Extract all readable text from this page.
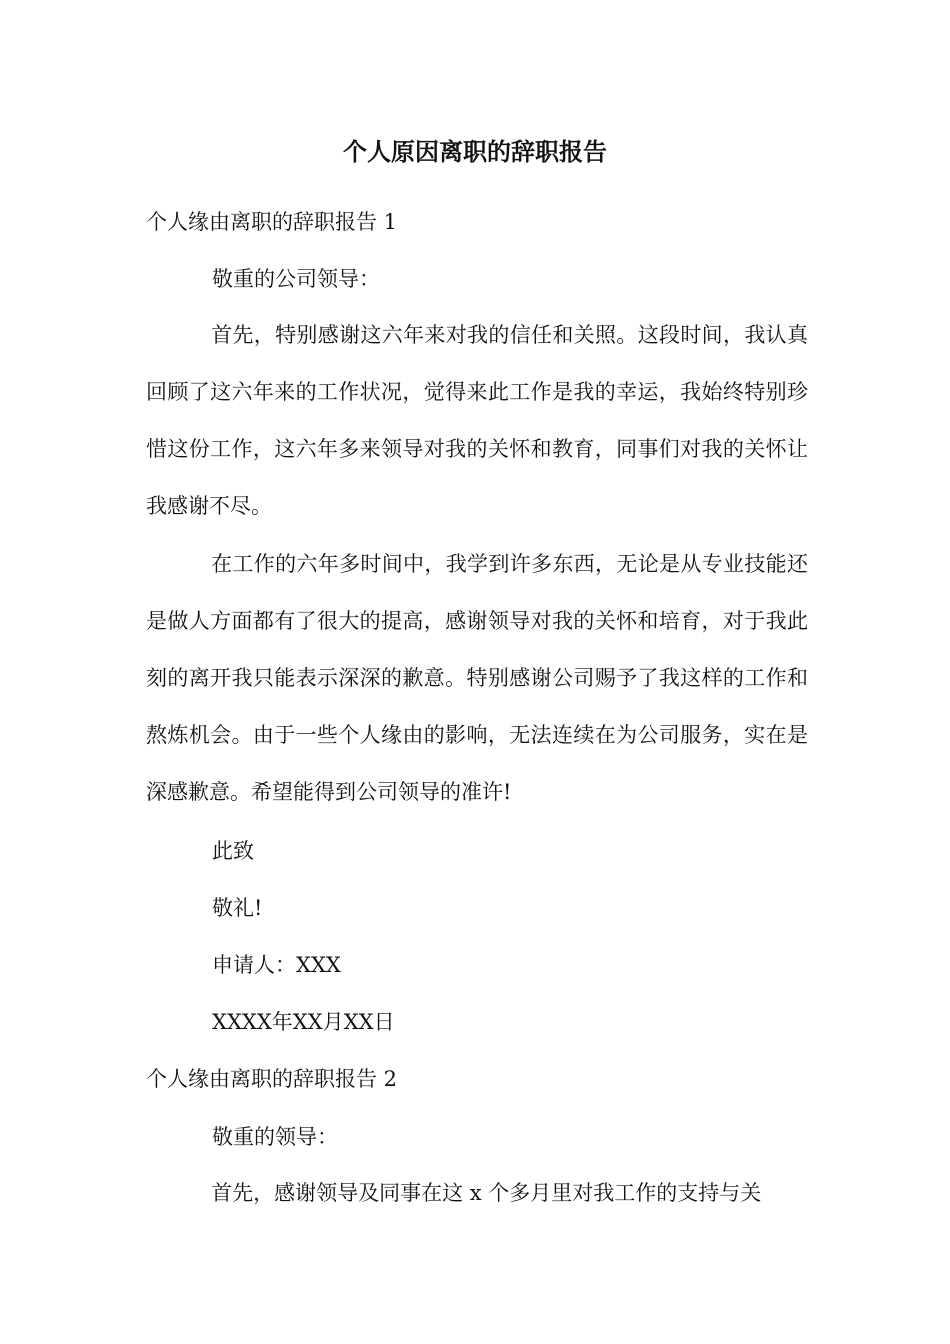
个人原因离职的辞职报告

个人缘由离职的辞职报告 1

敬重的公司领导：

首先，特别感谢这六年来对我的信任和关照。这段时间，我认真回顾了这六年来的工作状况，觉得来此工作是我的幸运，我始终特别珍惜这份工作，这六年多来领导对我的关怀和教育，同事们对我的关怀让我感谢不尽。

在工作的六年多时间中，我学到许多东西，无论是从专业技能还是做人方面都有了很大的提高，感谢领导对我的关怀和培育，对于我此刻的离开我只能表示深深的歉意。特别感谢公司赐予了我这样的工作和熬炼机会。由于一些个人缘由的影响，无法连续在为公司服务，实在是深感歉意。希望能得到公司领导的准许!

此致

敬礼!

申请人：XXX

XXXX年XX月XX日

个人缘由离职的辞职报告 2

敬重的领导：

首先，感谢领导及同事在这 x 个多月里对我工作的支持与关
